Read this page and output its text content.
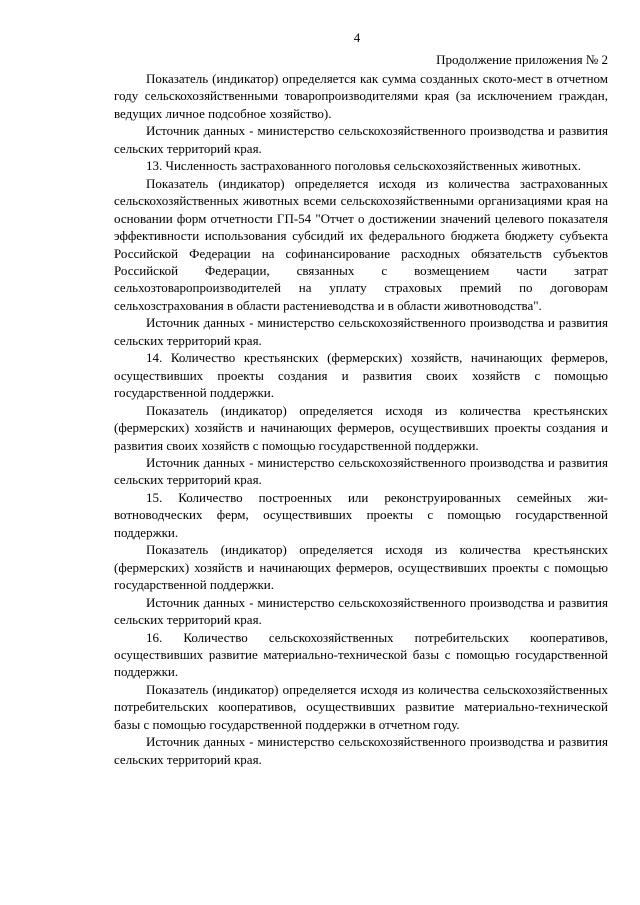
4
Продолжение приложения № 2

Показатель (индикатор) определяется как сумма созданных ското-мест в отчетном году сельскохозяйственными товаропроизводителями края (за исключением граждан, ведущих личное подсобное хозяйство).

Источник данных - министерство сельскохозяйственного производства и развития сельских территорий края.

13. Численность застрахованного поголовья сельскохозяйственных животных.

Показатель (индикатор) определяется исходя из количества застрахованных сельскохозяйственных животных всеми сельскохозяйственными организациями края на основании форм отчетности ГП-54 "Отчет о достижении значений целевого показателя эффективности использования субсидий их федерального бюджета бюджету субъекта Российской Федерации на софинансирование расходных обязательств субъектов Российской Федерации, связанных с возмещением части затрат сельхозтоваропроизводителей на уплату страховых премий по договорам сельхозстрахования в области растениеводства и в области животноводства".

Источник данных - министерство сельскохозяйственного производства и развития сельских территорий края.

14. Количество крестьянских (фермерских) хозяйств, начинающих фермеров, осуществивших проекты создания и развития своих хозяйств с помощью государственной поддержки.

Показатель (индикатор) определяется исходя из количества крестьянских (фермерских) хозяйств и начинающих фермеров, осуществивших проекты создания и развития своих хозяйств с помощью государственной поддержки.

Источник данных - министерство сельскохозяйственного производства и развития сельских территорий края.

15. Количество построенных или реконструированных семейных животноводческих ферм, осуществивших проекты с помощью государственной поддержки.

Показатель (индикатор) определяется исходя из количества крестьянских (фермерских) хозяйств и начинающих фермеров, осуществивших проекты с помощью государственной поддержки.

Источник данных - министерство сельскохозяйственного производства и развития сельских территорий края.

16. Количество сельскохозяйственных потребительских кооперативов, осуществивших развитие материально-технической базы с помощью государственной поддержки.

Показатель (индикатор) определяется исходя из количества сельскохозяйственных потребительских кооперативов, осуществивших развитие материально-технической базы с помощью государственной поддержки в отчетном году.

Источник данных - министерство сельскохозяйственного производства и развития сельских территорий края.
